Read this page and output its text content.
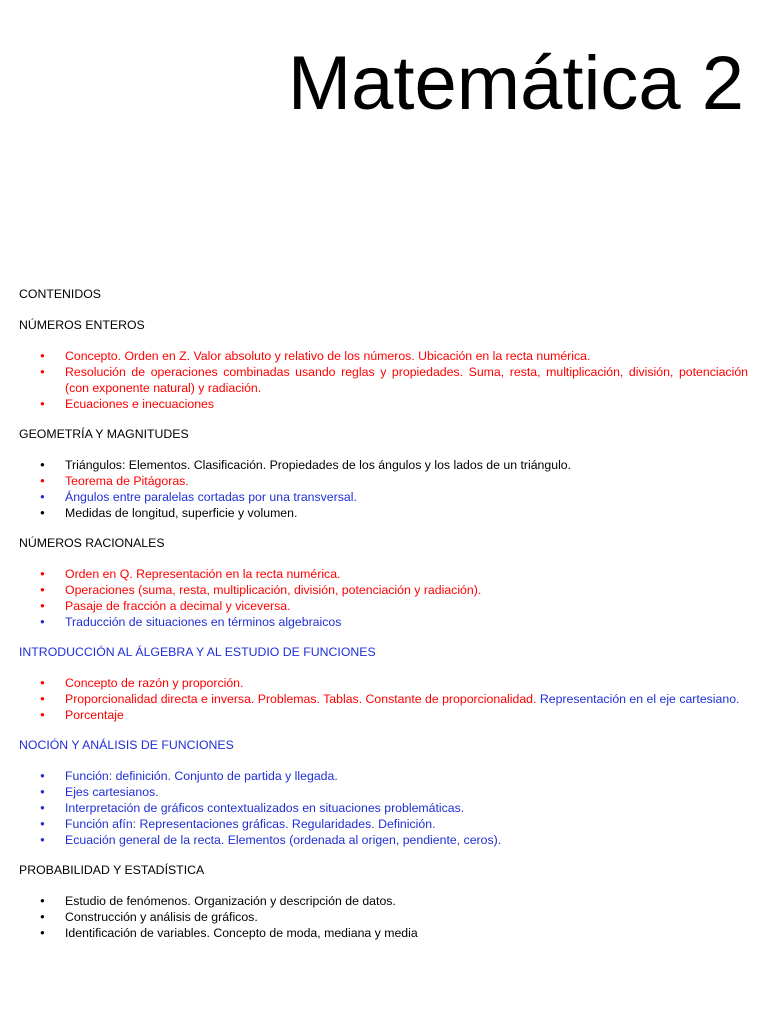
Matemática 2

CONTENIDOS

NÚMEROS ENTEROS

● Concepto. Orden en Z. Valor absoluto y relativo de los números. Ubicación en la recta numérica.
● Resolución de operaciones combinadas usando reglas y propiedades. Suma, resta, multiplicación, división, potenciación (con exponente natural) y radiación.
● Ecuaciones e inecuaciones

GEOMETRÍA Y MAGNITUDES

● Triángulos: Elementos. Clasificación. Propiedades de los ángulos y los lados de un triángulo.
● Teorema de Pitágoras.
● Ángulos entre paralelas cortadas por una transversal.
● Medidas de longitud, superficie y volumen.

NÚMEROS RACIONALES

● Orden en Q. Representación en la recta numérica.
● Operaciones (suma, resta, multiplicación, división, potenciación y radiación).
● Pasaje de fracción a decimal y viceversa.
● Traducción de situaciones en términos algebraicos

INTRODUCCIÓN AL ÁLGEBRA Y AL ESTUDIO DE FUNCIONES

● Concepto de razón y proporción.
● Proporcionalidad directa e inversa. Problemas. Tablas. Constante de proporcionalidad. Representación en el eje cartesiano.
● Porcentaje

NOCIÓN Y ANÁLISIS DE FUNCIONES

● Función: definición. Conjunto de partida y llegada.
● Ejes cartesianos.
● Interpretación de gráficos contextualizados en situaciones problemáticas.
● Función afín: Representaciones gráficas. Regularidades. Definición.
● Ecuación general de la recta. Elementos (ordenada al origen, pendiente, ceros).

PROBABILIDAD Y ESTADÍSTICA

● Estudio de fenómenos. Organización y descripción de datos.
● Construcción y análisis de gráficos.
● Identificación de variables. Concepto de moda, mediana y media
